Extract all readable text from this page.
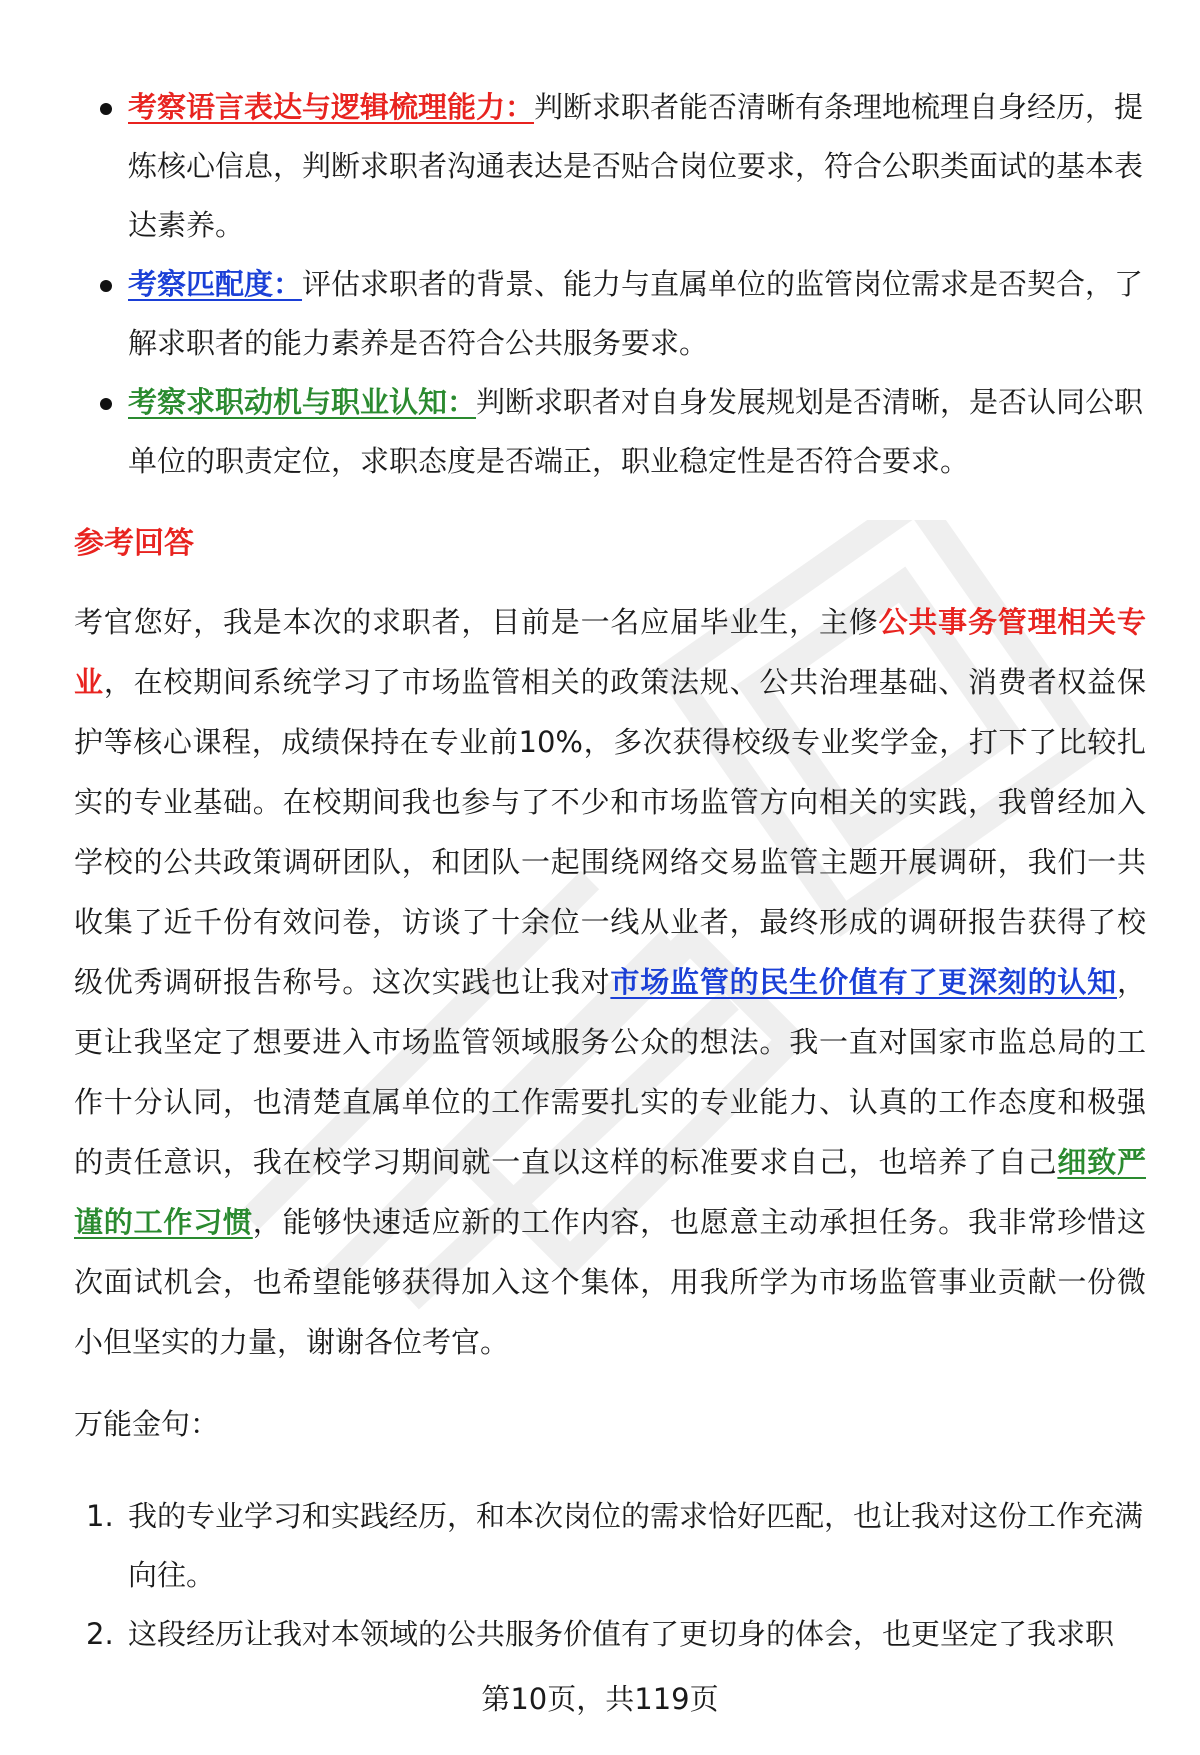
考察语言表达与逻辑梳理能力：判断求职者能否清晰有条理地梳理自身经历，提炼核心信息，判断求职者沟通表达是否贴合岗位要求，符合公职类面试的基本表达素养。
考察匹配度：评估求职者的背景、能力与直属单位的监管岗位需求是否契合，了解求职者的能力素养是否符合公共服务要求。
考察求职动机与职业认知：判断求职者对自身发展规划是否清晰，是否认同公职单位的职责定位，求职态度是否端正，职业稳定性是否符合要求。
参考回答

考官您好，我是本次的求职者，目前是一名应届毕业生，主修公共事务管理相关专业，在校期间系统学习了市场监管相关的政策法规、公共治理基础、消费者权益保护等核心课程，成绩保持在专业前10%，多次获得校级专业奖学金，打下了比较扎实的专业基础。在校期间我也参与了不少和市场监管方向相关的实践，我曾经加入学校的公共政策调研团队，和团队一起围绕网络交易监管主题开展调研，我们一共收集了近千份有效问卷，访谈了十余位一线从业者，最终形成的调研报告获得了校级优秀调研报告称号。这次实践也让我对市场监管的民生价值有了更深刻的认知，更让我坚定了想要进入市场监管领域服务公众的想法。我一直对国家市监总局的工作十分认同，也清楚直属单位的工作需要扎实的专业能力、认真的工作态度和极强的责任意识，我在校学习期间就一直以这样的标准要求自己，也培养了自己细致严谨的工作习惯，能够快速适应新的工作内容，也愿意主动承担任务。我非常珍惜这次面试机会，也希望能够获得加入这个集体，用我所学为市场监管事业贡献一份微小但坚实的力量，谢谢各位考官。

万能金句：

1. 我的专业学习和实践经历，和本次岗位的需求恰好匹配，也让我对这份工作充满向往。
2. 这段经历让我对本领域的公共服务价值有了更切身的体会，也更坚定了我求职
第10页，共119页
